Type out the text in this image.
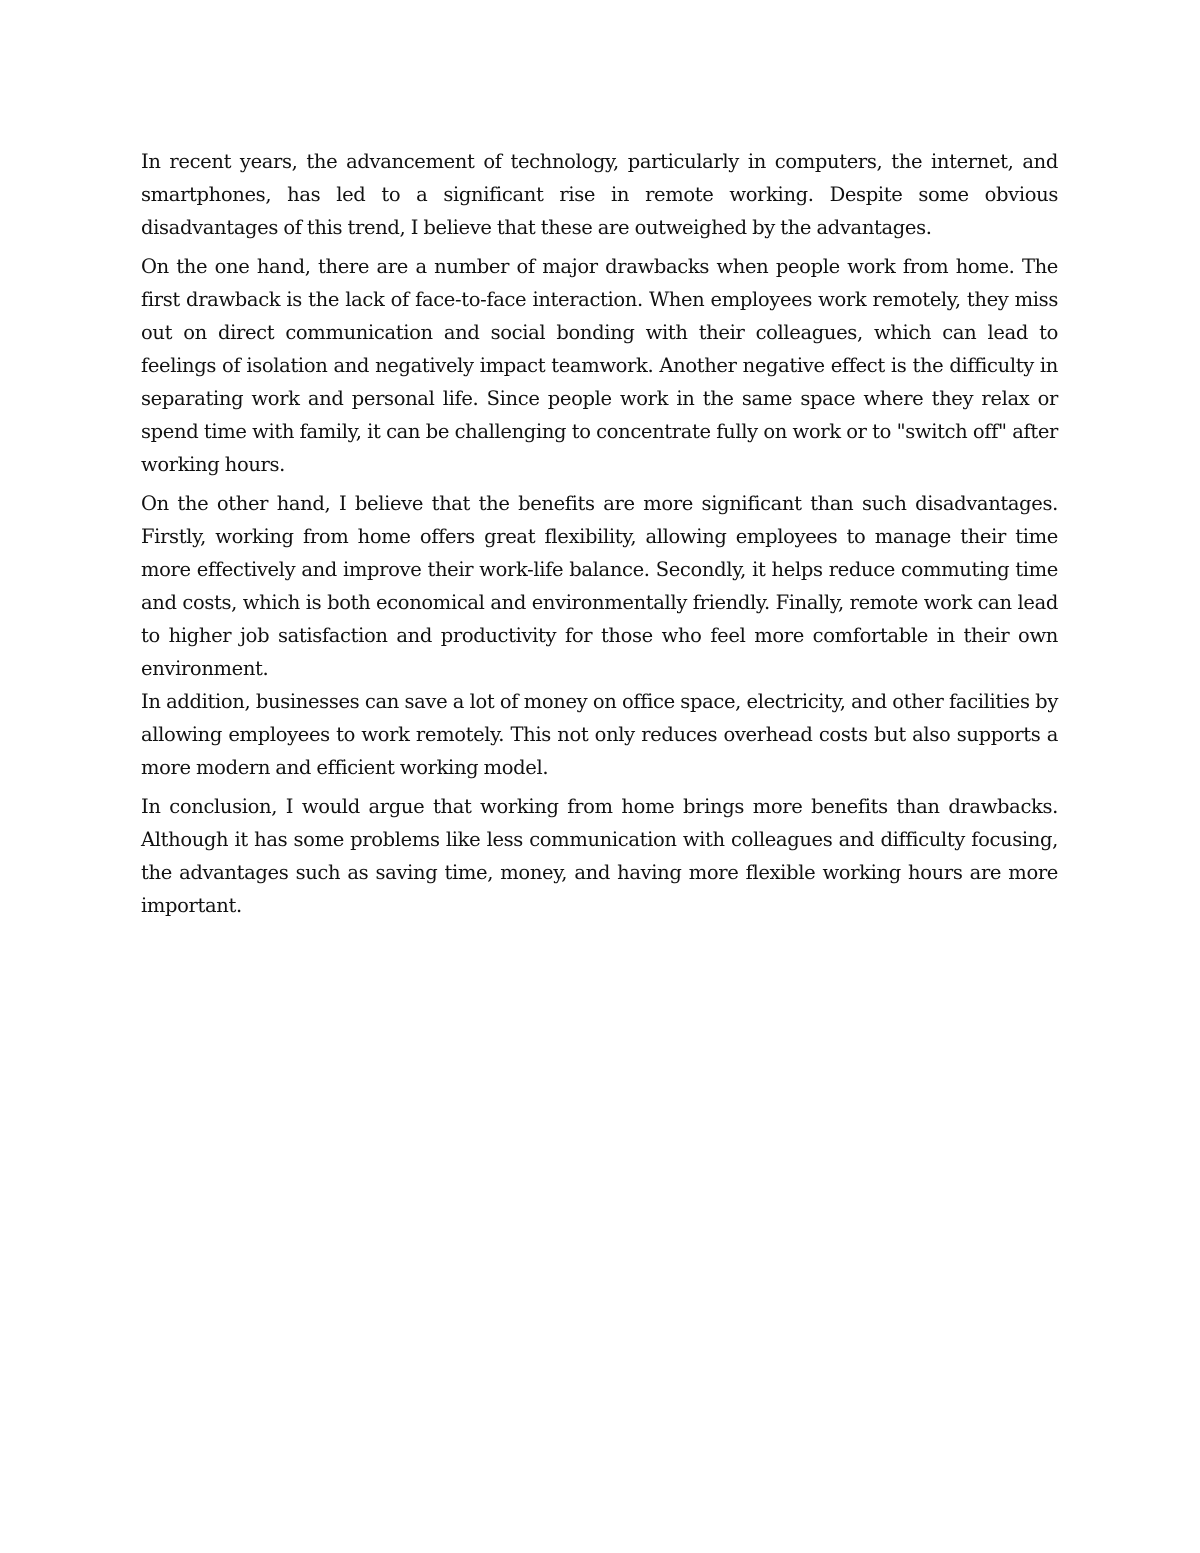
In recent years, the advancement of technology, particularly in computers, the internet, and smartphones, has led to a significant rise in remote working. Despite some obvious disadvantages of this trend, I believe that these are outweighed by the advantages.

On the one hand, there are a number of major drawbacks when people work from home. The first drawback is the lack of face-to-face interaction. When employees work remotely, they miss out on direct communication and social bonding with their colleagues, which can lead to feelings of isolation and negatively impact teamwork. Another negative effect is the difficulty in separating work and personal life. Since people work in the same space where they relax or spend time with family, it can be challenging to concentrate fully on work or to "switch off" after working hours.

On the other hand, I believe that the benefits are more significant than such disadvantages. Firstly, working from home offers great flexibility, allowing employees to manage their time more effectively and improve their work-life balance. Secondly, it helps reduce commuting time and costs, which is both economical and environmentally friendly. Finally, remote work can lead to higher job satisfaction and productivity for those who feel more comfortable in their own environment.

In addition, businesses can save a lot of money on office space, electricity, and other facilities by allowing employees to work remotely. This not only reduces overhead costs but also supports a more modern and efficient working model.

In conclusion, I would argue that working from home brings more benefits than drawbacks. Although it has some problems like less communication with colleagues and difficulty focusing, the advantages such as saving time, money, and having more flexible working hours are more important.
